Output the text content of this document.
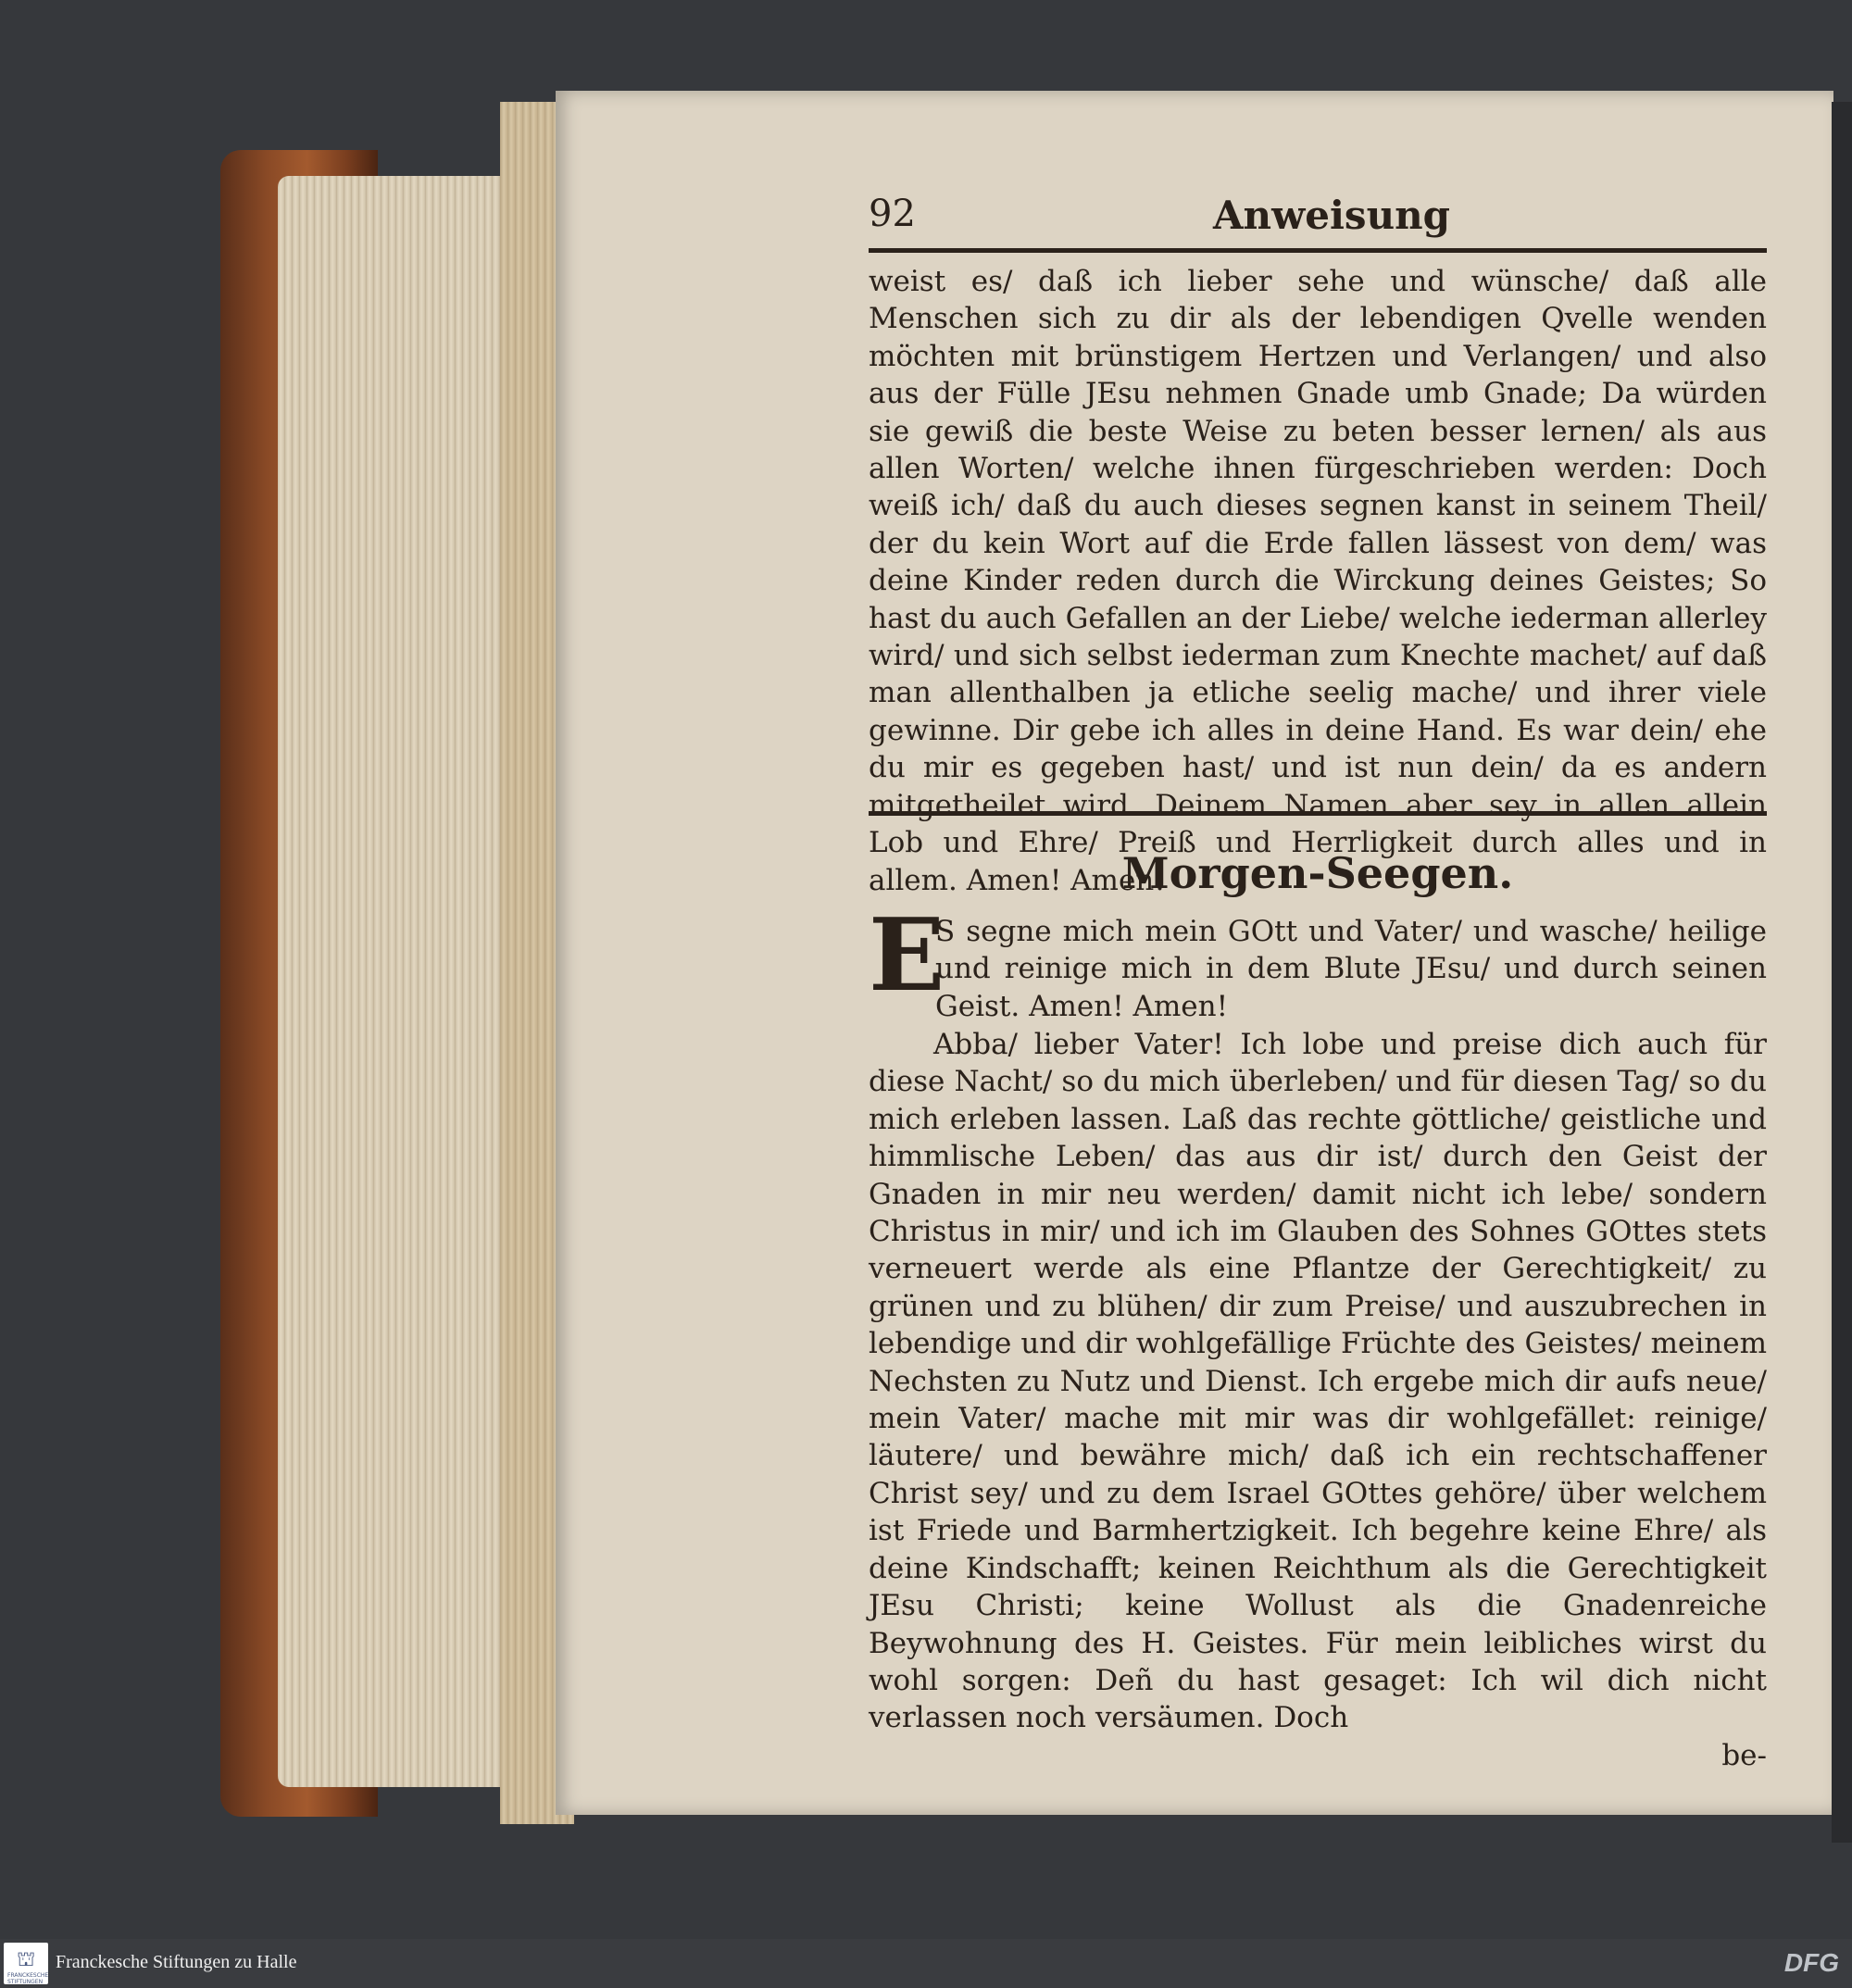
92	Anweisung
weist es/ daß ich lieber sehe und wünsche/ daß alle Menschen sich zu dir als der lebendigen Qvelle wenden möchten mit brünstigem Hertzen und Verlangen/ und also aus der Fülle JEsu nehmen Gnade umb Gnade; Da würden sie gewiß die beste Weise zu beten besser lernen/ als aus allen Worten/ welche ihnen fürgeschrieben werden: Doch weiß ich/ daß du auch dieses segnen kanst in seinem Theil/ der du kein Wort auf die Erde fallen lässest von dem/ was deine Kinder reden durch die Wirckung deines Geistes; So hast du auch Gefallen an der Liebe/ welche iederman allerley wird/ und sich selbst iederman zum Knechte machet/ auf daß man allenthalben ja etliche seelig mache/ und ihrer viele gewinne. Dir gebe ich alles in deine Hand. Es war dein/ ehe du mir es gegeben hast/ und ist nun dein/ da es andern mitgetheilet wird. Deinem Namen aber sey in allen allein Lob und Ehre/ Preiß und Herrligkeit durch alles und in allem. Amen! Amen!
Morgen-Seegen.
E
S segne mich mein GOtt und Vater/ und wasche/ heilige und reinige mich in dem Blute JEsu/ und durch seinen Geist. Amen! Amen!
Abba/ lieber Vater! Ich lobe und preise dich auch für diese Nacht/ so du mich überleben/ und für diesen Tag/ so du mich erleben lassen. Laß das rechte göttliche/ geistliche und himmlische Leben/ das aus dir ist/ durch den Geist der Gnaden in mir neu werden/ damit nicht ich lebe/ sondern Christus in mir/ und ich im Glauben des Sohnes GOttes stets verneuert werde als eine Pflantze der Gerechtigkeit/ zu grünen und zu blühen/ dir zum Preise/ und auszubrechen in lebendige und dir wohlgefällige Früchte des Geistes/ meinem Nechsten zu Nutz und Dienst. Ich ergebe mich dir aufs neue/ mein Vater/ mache mit mir was dir wohlgefället: reinige/ läutere/ und bewähre mich/ daß ich ein rechtschaffener Christ sey/ und zu dem Israel GOttes gehöre/ über welchem ist Friede und Barmhertzigkeit. Ich begehre keine Ehre/ als deine Kindschafft; keinen Reichthum als die Gerechtigkeit JEsu Christi; keine Wollust als die Gnadenreiche Beywohnung des H. Geistes. Für mein leibliches wirst du wohl sorgen: Deñ du hast gesaget: Ich wil dich nicht verlassen noch versäumen. Doch
be-
⛫
FRANCKESCHE STIFTUNGEN
Franckesche Stiftungen zu Halle	DFG
